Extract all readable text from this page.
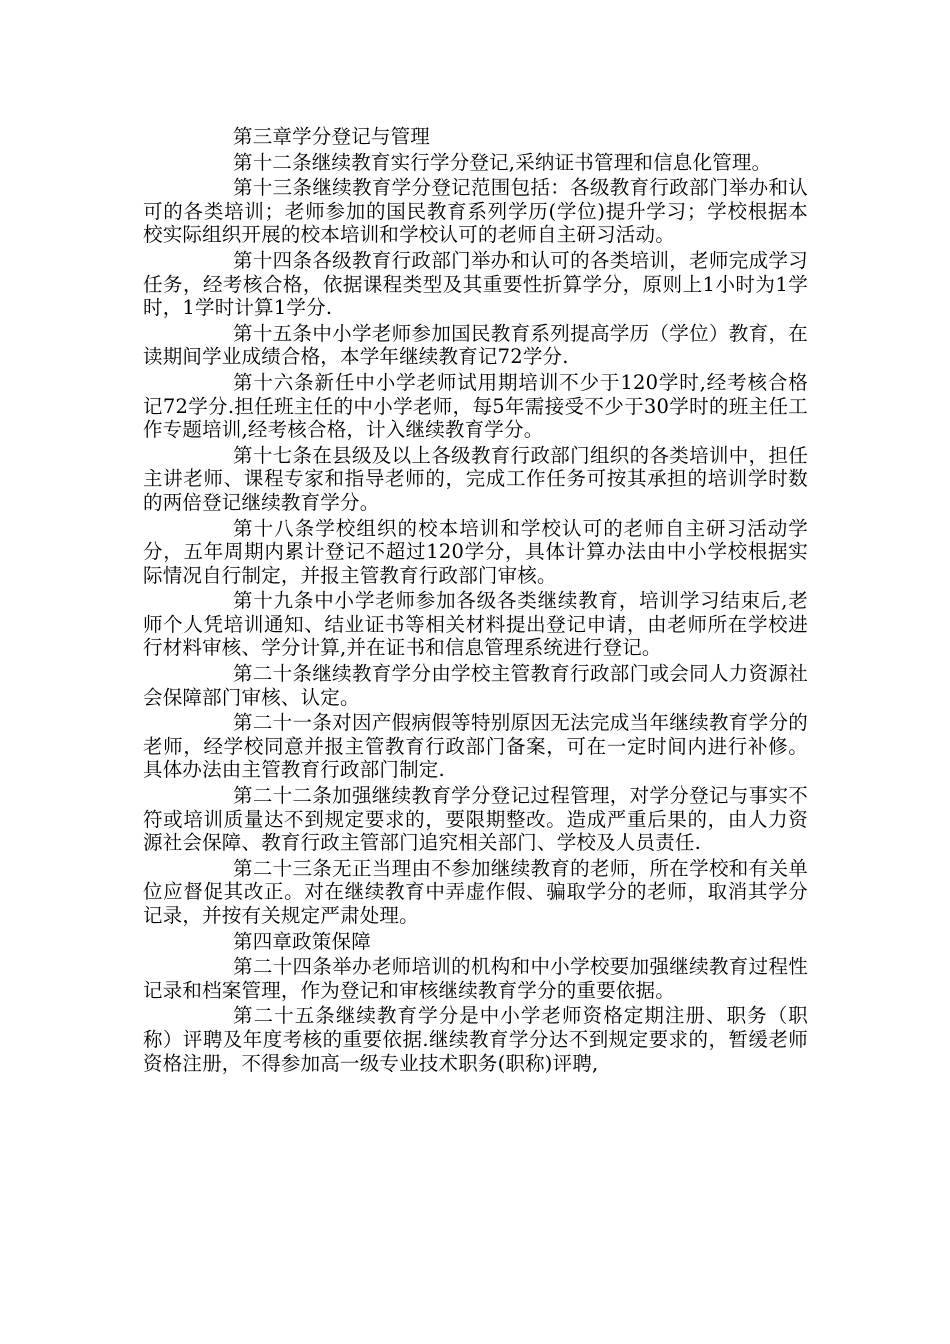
第三章学分登记与管理

第十二条继续教育实行学分登记,采纳证书管理和信息化管理。

第十三条继续教育学分登记范围包括：各级教育行政部门举办和认可的各类培训；老师参加的国民教育系列学历(学位)提升学习；学校根据本校实际组织开展的校本培训和学校认可的老师自主研习活动。

第十四条各级教育行政部门举办和认可的各类培训，老师完成学习任务，经考核合格，依据课程类型及其重要性折算学分，原则上1小时为1学时，1学时计算1学分.

第十五条中小学老师参加国民教育系列提高学历（学位）教育，在读期间学业成绩合格，本学年继续教育记72学分.

第十六条新任中小学老师试用期培训不少于120学时,经考核合格记72学分.担任班主任的中小学老师，每5年需接受不少于30学时的班主任工作专题培训,经考核合格，计入继续教育学分。

第十七条在县级及以上各级教育行政部门组织的各类培训中，担任主讲老师、课程专家和指导老师的，完成工作任务可按其承担的培训学时数的两倍登记继续教育学分。

第十八条学校组织的校本培训和学校认可的老师自主研习活动学分，五年周期内累计登记不超过120学分，具体计算办法由中小学校根据实际情况自行制定，并报主管教育行政部门审核。

第十九条中小学老师参加各级各类继续教育，培训学习结束后,老师个人凭培训通知、结业证书等相关材料提出登记申请，由老师所在学校进行材料审核、学分计算,并在证书和信息管理系统进行登记。

第二十条继续教育学分由学校主管教育行政部门或会同人力资源社会保障部门审核、认定。

第二十一条对因产假病假等特别原因无法完成当年继续教育学分的老师，经学校同意并报主管教育行政部门备案，可在一定时间内进行补修。具体办法由主管教育行政部门制定.

第二十二条加强继续教育学分登记过程管理，对学分登记与事实不符或培训质量达不到规定要求的，要限期整改。造成严重后果的，由人力资源社会保障、教育行政主管部门追究相关部门、学校及人员责任.

第二十三条无正当理由不参加继续教育的老师，所在学校和有关单位应督促其改正。对在继续教育中弄虚作假、骗取学分的老师，取消其学分记录，并按有关规定严肃处理。

第四章政策保障

第二十四条举办老师培训的机构和中小学校要加强继续教育过程性记录和档案管理，作为登记和审核继续教育学分的重要依据。

第二十五条继续教育学分是中小学老师资格定期注册、职务（职称）评聘及年度考核的重要依据.继续教育学分达不到规定要求的，暂缓老师资格注册，不得参加高一级专业技术职务(职称)评聘,
